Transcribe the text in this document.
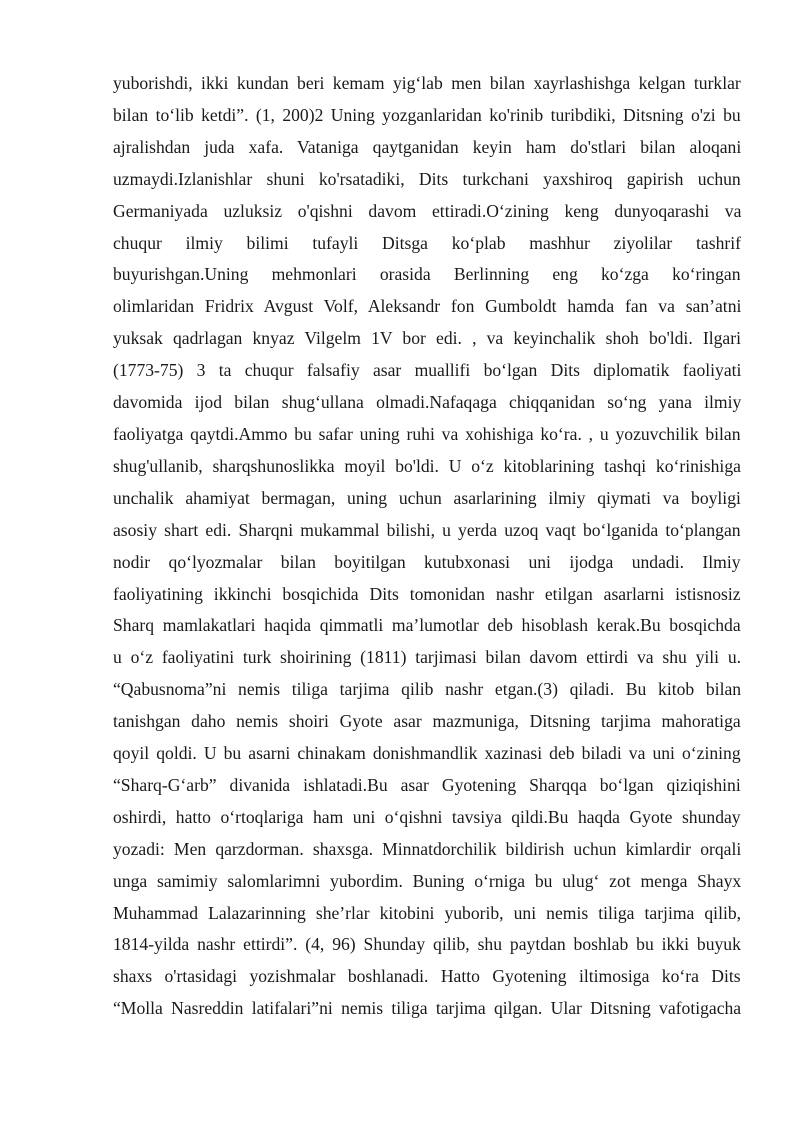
yuborishdi, ikki kundan beri kemam yig‘lab men bilan xayrlashishga kelgan turklar
bilan to‘lib ketdi”. (1, 200)2 Uning yozganlaridan ko'rinib turibdiki, Ditsning o'zi bu
ajralishdan juda xafa. Vataniga qaytganidan keyin ham do'stlari bilan aloqani
uzmaydi.Izlanishlar shuni ko'rsatadiki, Dits turkchani yaxshiroq gapirish uchun
Germaniyada uzluksiz o'qishni davom ettiradi.O‘zining keng dunyoqarashi va
chuqur ilmiy bilimi tufayli Ditsga ko‘plab mashhur ziyolilar tashrif
buyurishgan.Uning mehmonlari orasida Berlinning eng ko‘zga ko‘ringan
olimlaridan Fridrix Avgust Volf, Aleksandr fon Gumboldt hamda fan va san’atni
yuksak qadrlagan knyaz Vilgelm 1V bor edi. , va keyinchalik shoh bo'ldi. Ilgari
(1773-75) 3 ta chuqur falsafiy asar muallifi bo‘lgan Dits diplomatik faoliyati
davomida ijod bilan shug‘ullana olmadi.Nafaqaga chiqqanidan so‘ng yana ilmiy
faoliyatga qaytdi.Ammo bu safar uning ruhi va xohishiga ko‘ra. , u yozuvchilik bilan
shug'ullanib, sharqshunoslikka moyil bo'ldi. U o‘z kitoblarining tashqi ko‘rinishiga
unchalik ahamiyat bermagan, uning uchun asarlarining ilmiy qiymati va boyligi
asosiy shart edi. Sharqni mukammal bilishi, u yerda uzoq vaqt bo‘lganida to‘plangan
nodir qo‘lyozmalar bilan boyitilgan kutubxonasi uni ijodga undadi. Ilmiy
faoliyatining ikkinchi bosqichida Dits tomonidan nashr etilgan asarlarni istisnosiz
Sharq mamlakatlari haqida qimmatli ma’lumotlar deb hisoblash kerak.Bu bosqichda
u o‘z faoliyatini turk shoirining (1811) tarjimasi bilan davom ettirdi va shu yili u.
“Qabusnoma”ni nemis tiliga tarjima qilib nashr etgan.(3) qiladi. Bu kitob bilan
tanishgan daho nemis shoiri Gyote asar mazmuniga, Ditsning tarjima mahoratiga
qoyil qoldi. U bu asarni chinakam donishmandlik xazinasi deb biladi va uni o‘zining
“Sharq-G‘arb” divanida ishlatadi.Bu asar Gyotening Sharqqa bo‘lgan qiziqishini
oshirdi, hatto o‘rtoqlariga ham uni o‘qishni tavsiya qildi.Bu haqda Gyote shunday
yozadi: Men qarzdorman. shaxsga. Minnatdorchilik bildirish uchun kimlardir orqali
unga samimiy salomlarimni yubordim. Buning o‘rniga bu ulug‘ zot menga Shayx
Muhammad Lalazarinning she’rlar kitobini yuborib, uni nemis tiliga tarjima qilib,
1814-yilda nashr ettirdi”. (4, 96) Shunday qilib, shu paytdan boshlab bu ikki buyuk
shaxs o'rtasidagi yozishmalar boshlanadi. Hatto Gyotening iltimosiga ko‘ra Dits
“Molla Nasreddin latifalari”ni nemis tiliga tarjima qilgan. Ular Ditsning vafotigacha
